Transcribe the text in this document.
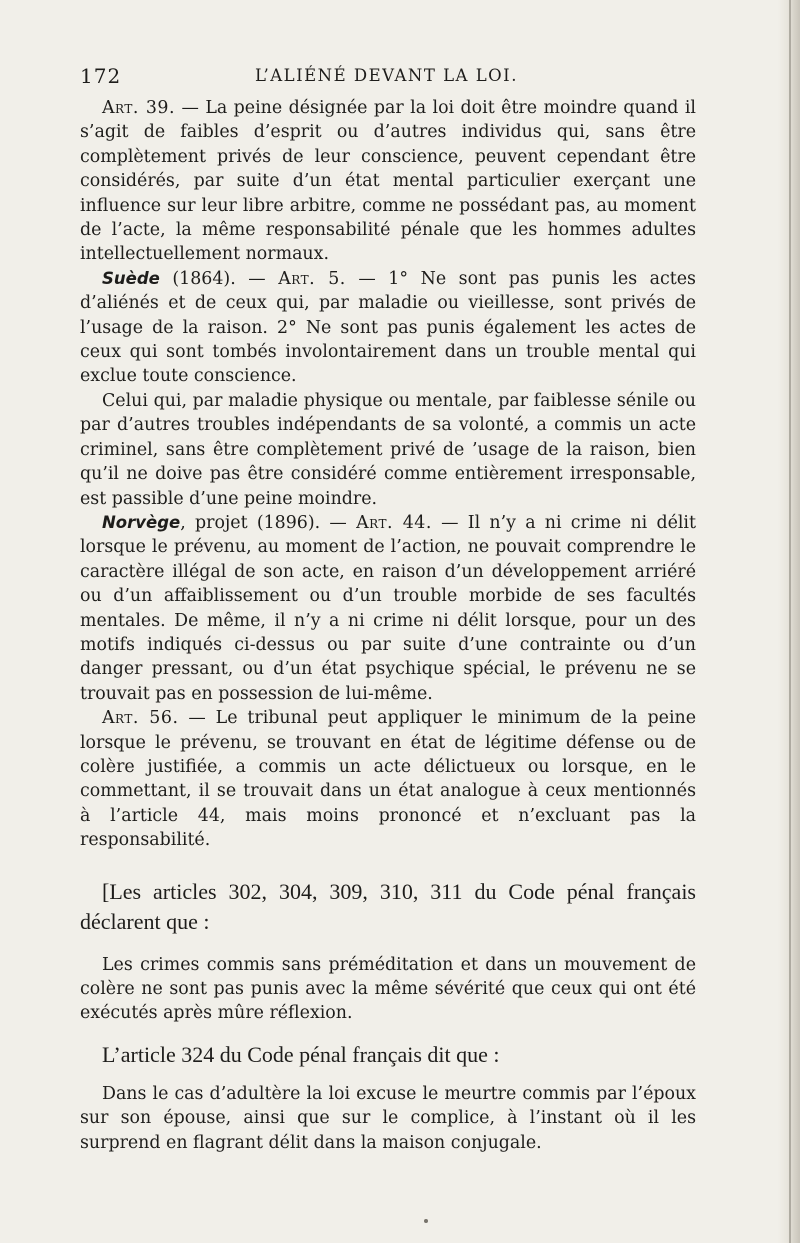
172	L’ALIÉNÉ DEVANT LA LOI.

Art. 39. — La peine désignée par la loi doit être moindre quand il s’agit de faibles d’esprit ou d’autres individus qui, sans être complètement privés de leur conscience, peuvent cependant être considérés, par suite d’un état mental particulier exerçant une influence sur leur libre arbitre, comme ne possédant pas, au moment de l’acte, la même responsabilité pénale que les hommes adultes intellectuellement normaux.

Suède (1864). — Art. 5. — 1° Ne sont pas punis les actes d’aliénés et de ceux qui, par maladie ou vieillesse, sont privés de l’usage de la raison. 2° Ne sont pas punis également les actes de ceux qui sont tombés involontairement dans un trouble mental qui exclue toute conscience.

Celui qui, par maladie physique ou mentale, par faiblesse sénile ou par d’autres troubles indépendants de sa volonté, a commis un acte criminel, sans être complètement privé de ’usage de la raison, bien qu’il ne doive pas être considéré comme entièrement irresponsable, est passible d’une peine moindre.

Norvège, projet (1896). — Art. 44. — Il n’y a ni crime ni délit lorsque le prévenu, au moment de l’action, ne pouvait comprendre le caractère illégal de son acte, en raison d’un développement arriéré ou d’un affaiblissement ou d’un trouble morbide de ses facultés mentales. De même, il n’y a ni crime ni délit lorsque, pour un des motifs indiqués ci-dessus ou par suite d’une contrainte ou d’un danger pressant, ou d’un état psychique spécial, le prévenu ne se trouvait pas en possession de lui-même.

Art. 56. — Le tribunal peut appliquer le minimum de la peine lorsque le prévenu, se trouvant en état de légitime défense ou de colère justifiée, a commis un acte délictueux ou lorsque, en le commettant, il se trouvait dans un état analogue à ceux mentionnés à l’article 44, mais moins prononcé et n’excluant pas la responsabilité.

[Les articles 302, 304, 309, 310, 311 du Code pénal français déclarent que :

Les crimes commis sans préméditation et dans un mouvement de colère ne sont pas punis avec la même sévérité que ceux qui ont été exécutés après mûre réflexion.

L’article 324 du Code pénal français dit que :

Dans le cas d’adultère la loi excuse le meurtre commis par l’époux sur son épouse, ainsi que sur le complice, à l’instant où il les surprend en flagrant délit dans la maison conjugale.
